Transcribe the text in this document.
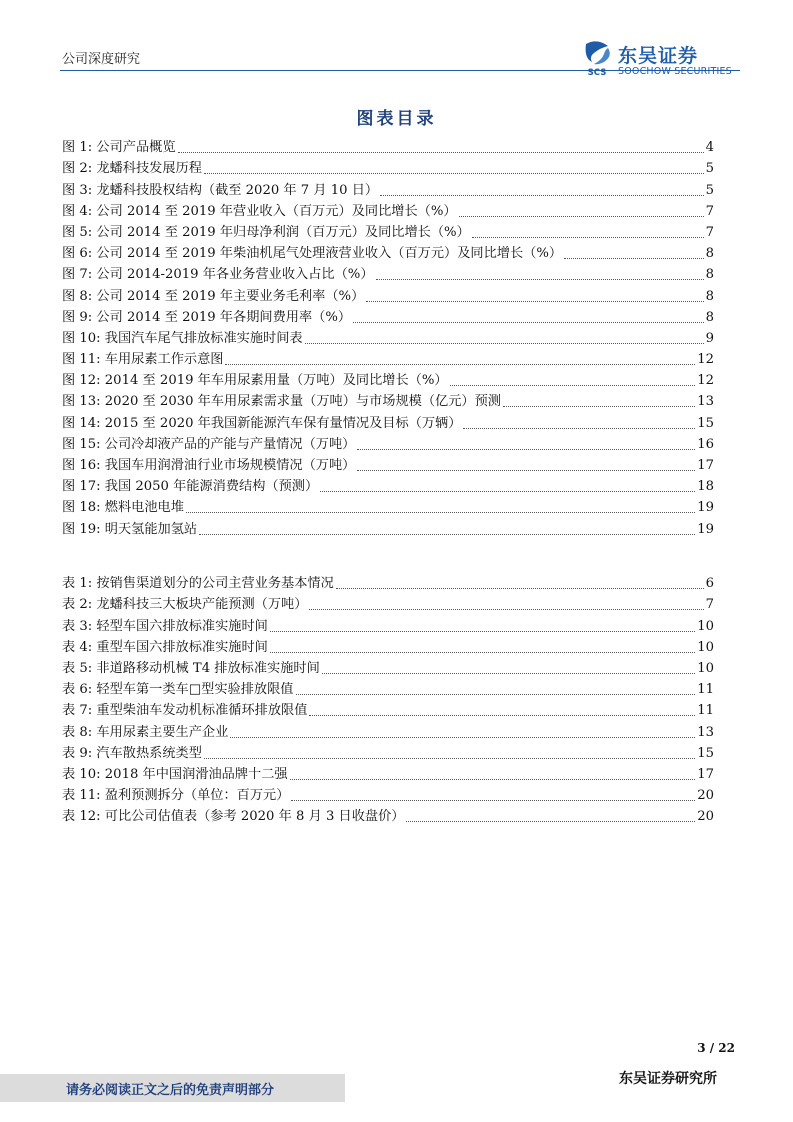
公司深度研究
SCS
东吴证券
SOOCHOW SECURITIES
图表目录
图 1: 公司产品概览	4
图 2: 龙蟠科技发展历程	5
图 3: 龙蟠科技股权结构（截至 2020 年 7 月 10 日）	5
图 4: 公司 2014 至 2019 年营业收入（百万元）及同比增长（%）	7
图 5: 公司 2014 至 2019 年归母净利润（百万元）及同比增长（%）	7
图 6: 公司 2014 至 2019 年柴油机尾气处理液营业收入（百万元）及同比增长（%）	8
图 7: 公司 2014-2019 年各业务营业收入占比（%）	8
图 8: 公司 2014 至 2019 年主要业务毛利率（%）	8
图 9: 公司 2014 至 2019 年各期间费用率（%）	8
图 10: 我国汽车尾气排放标准实施时间表	9
图 11: 车用尿素工作示意图	12
图 12: 2014 至 2019 年车用尿素用量（万吨）及同比增长（%）	12
图 13: 2020 至 2030 年车用尿素需求量（万吨）与市场规模（亿元）预测	13
图 14: 2015 至 2020 年我国新能源汽车保有量情况及目标（万辆）	15
图 15: 公司冷却液产品的产能与产量情况（万吨）	16
图 16: 我国车用润滑油行业市场规模情况（万吨）	17
图 17: 我国 2050 年能源消费结构（预测）	18
图 18: 燃料电池电堆	19
图 19: 明天氢能加氢站	19
表 1: 按销售渠道划分的公司主营业务基本情况	6
表 2: 龙蟠科技三大板块产能预测（万吨）	7
表 3: 轻型车国六排放标准实施时间	10
表 4: 重型车国六排放标准实施时间	10
表 5: 非道路移动机械 T4 排放标准实施时间	10
表 6: 轻型车第一类车□型实验排放限值	11
表 7: 重型柴油车发动机标准循环排放限值	11
表 8: 车用尿素主要生产企业	13
表 9: 汽车散热系统类型	15
表 10: 2018 年中国润滑油品牌十二强	17
表 11: 盈利预测拆分（单位：百万元）	20
表 12: 可比公司估值表（参考 2020 年 8 月 3 日收盘价）	20
3 / 22
请务必阅读正文之后的免责声明部分
东吴证券研究所
